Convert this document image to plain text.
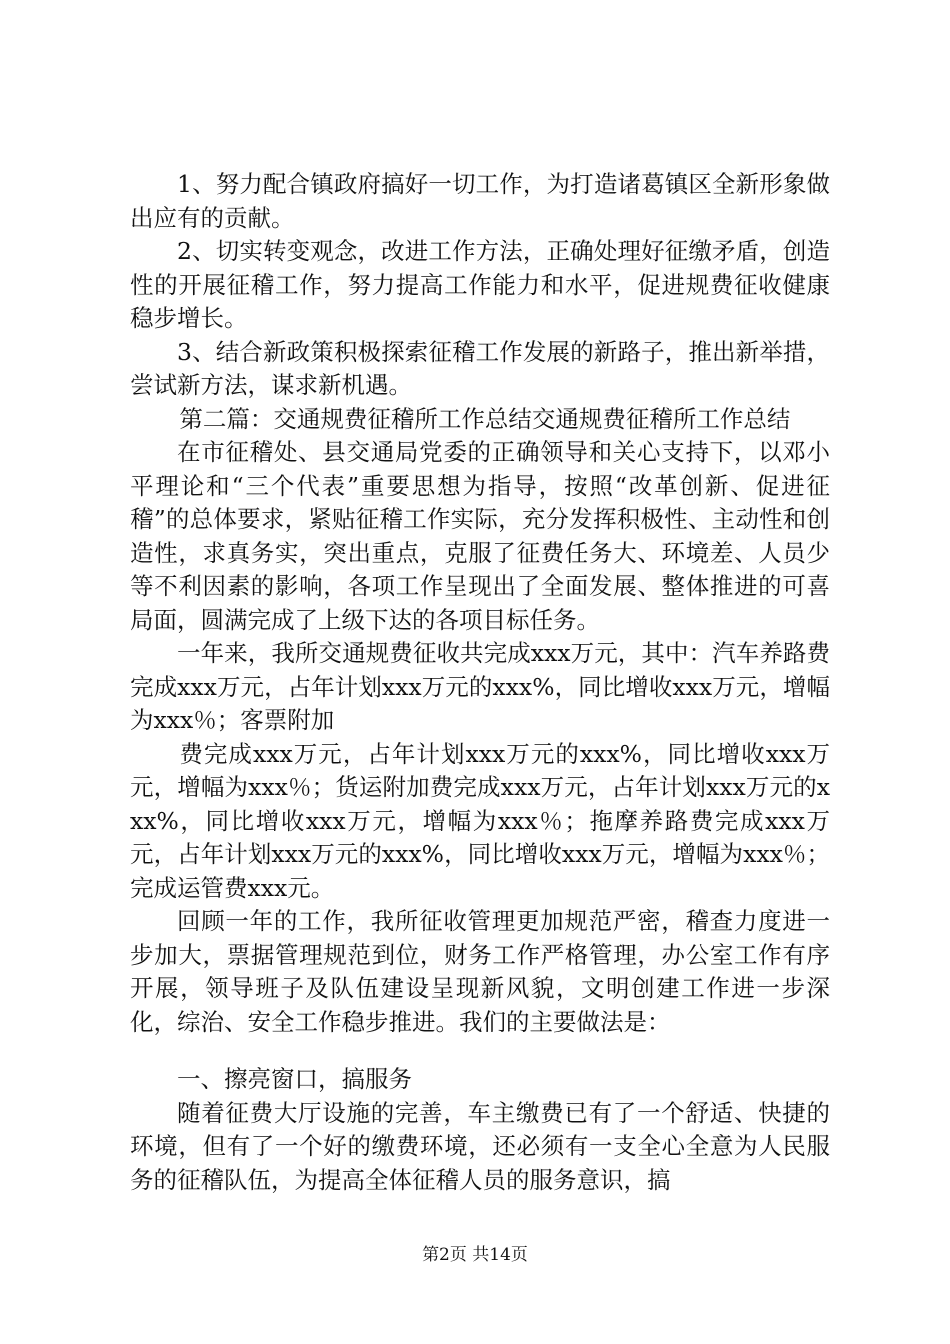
1、努力配合镇政府搞好一切工作，为打造诸葛镇区全新形象做出应有的贡献。

2、切实转变观念，改进工作方法，正确处理好征缴矛盾，创造性的开展征稽工作，努力提高工作能力和水平，促进规费征收健康稳步增长。

3、结合新政策积极探索征稽工作发展的新路子，推出新举措，尝试新方法，谋求新机遇。

第二篇：交通规费征稽所工作总结交通规费征稽所工作总结

在市征稽处、县交通局党委的正确领导和关心支持下，以邓小平理论和“三个代表”重要思想为指导，按照“改革创新、促进征稽”的总体要求，紧贴征稽工作实际，充分发挥积极性、主动性和创造性，求真务实，突出重点，克服了征费任务大、环境差、人员少等不利因素的影响，各项工作呈现出了全面发展、整体推进的可喜局面，圆满完成了上级下达的各项目标任务。

一年来，我所交通规费征收共完成xxx万元，其中：汽车养路费完成xxx万元，占年计划xxx万元的xxx%，同比增收xxx万元，增幅为xxx％；客票附加

费完成xxx万元，占年计划xxx万元的xxx%，同比增收xxx万元，增幅为xxx％；货运附加费完成xxx万元，占年计划xxx万元的xxx%，同比增收xxx万元，增幅为xxx％；拖摩养路费完成xxx万元，占年计划xxx万元的xxx%，同比增收xxx万元，增幅为xxx％；完成运管费xxx元。

回顾一年的工作，我所征收管理更加规范严密，稽查力度进一步加大，票据管理规范到位，财务工作严格管理，办公室工作有序开展，领导班子及队伍建设呈现新风貌，文明创建工作进一步深化，综治、安全工作稳步推进。我们的主要做法是：

一、擦亮窗口，搞服务

随着征费大厅设施的完善，车主缴费已有了一个舒适、快捷的环境，但有了一个好的缴费环境，还必须有一支全心全意为人民服务的征稽队伍，为提高全体征稽人员的服务意识，搞

第2页 共14页
